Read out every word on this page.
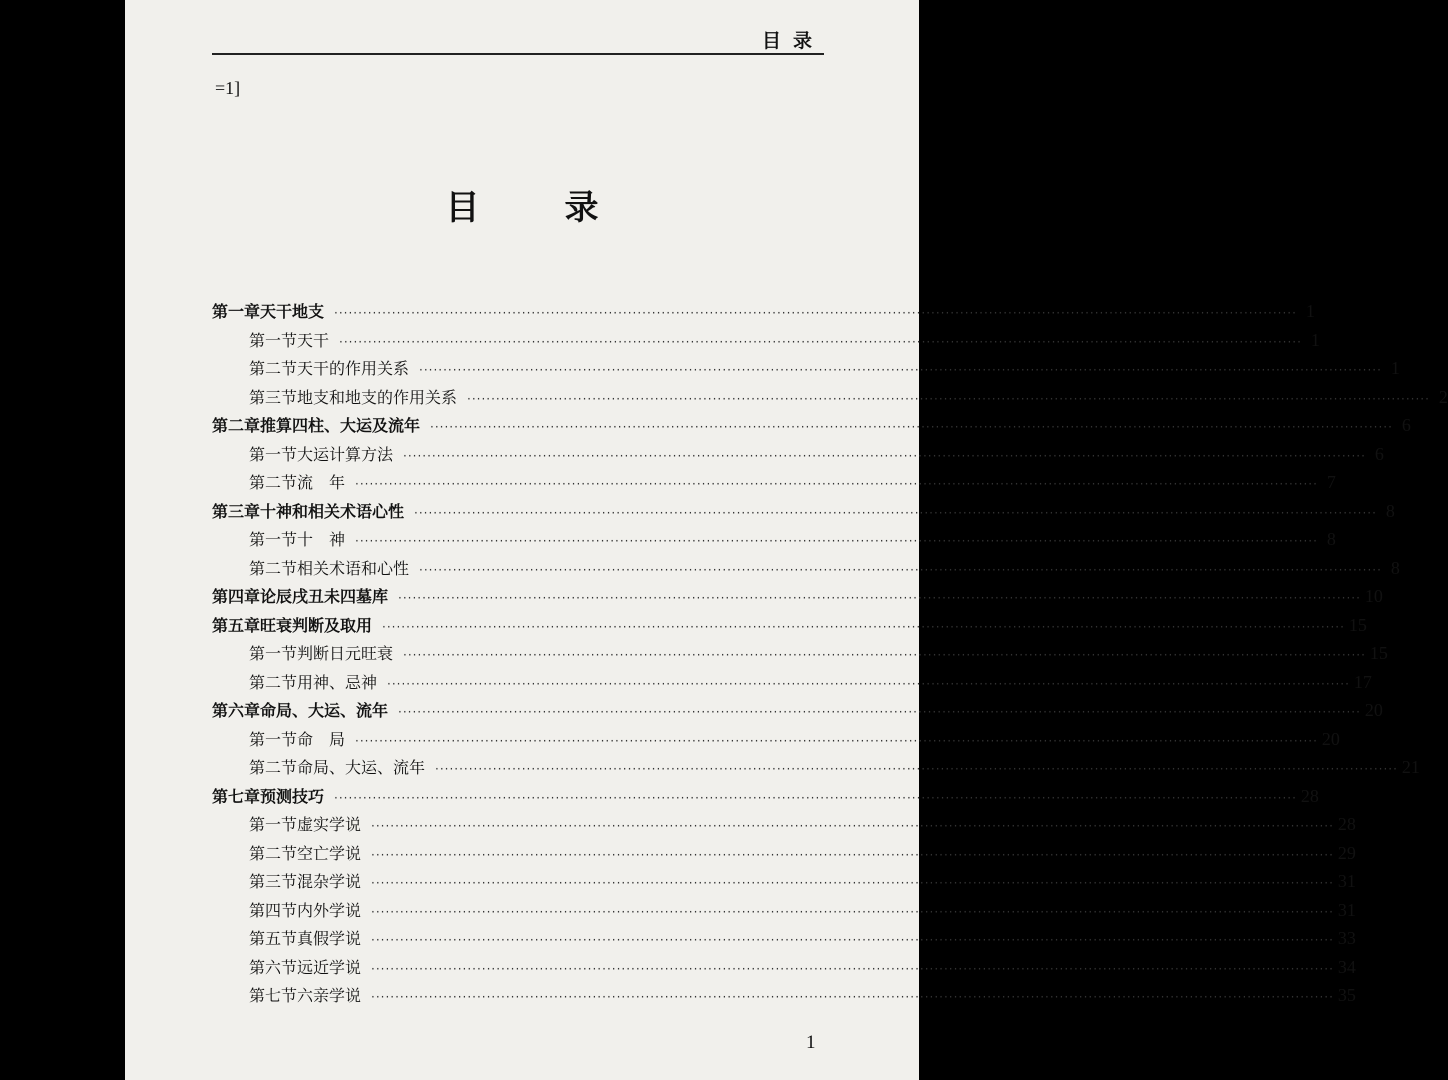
目录
=1]
目录
第一章 天干地支 ········································································································································································································ 1
第一节 天干 ········································································································································································································ 1
第二节 天干的作用关系 ········································································································································································································ 1
第三节 地支和地支的作用关系 ········································································································································································································ 2
第二章 推算四柱、大运及流年 ········································································································································································································ 6
第一节 大运计算方法 ········································································································································································································ 6
第二节 流　年 ········································································································································································································ 7
第三章 十神和相关术语心性 ········································································································································································································ 8
第一节 十　神 ········································································································································································································ 8
第二节 相关术语和心性 ········································································································································································································ 8
第四章 论辰戌丑未四墓库 ········································································································································································································ 10
第五章 旺衰判断及取用 ········································································································································································································ 15
第一节 判断日元旺衰 ········································································································································································································ 15
第二节 用神、忌神 ········································································································································································································ 17
第六章 命局、大运、流年 ········································································································································································································ 20
第一节 命　局 ········································································································································································································ 20
第二节 命局、大运、流年 ········································································································································································································ 21
第七章 预测技巧 ········································································································································································································ 28
第一节 虚实学说 ········································································································································································································ 28
第二节 空亡学说 ········································································································································································································ 29
第三节 混杂学说 ········································································································································································································ 31
第四节 内外学说 ········································································································································································································ 31
第五节 真假学说 ········································································································································································································ 33
第六节 远近学说 ········································································································································································································ 34
第七节 六亲学说 ········································································································································································································ 35
1
